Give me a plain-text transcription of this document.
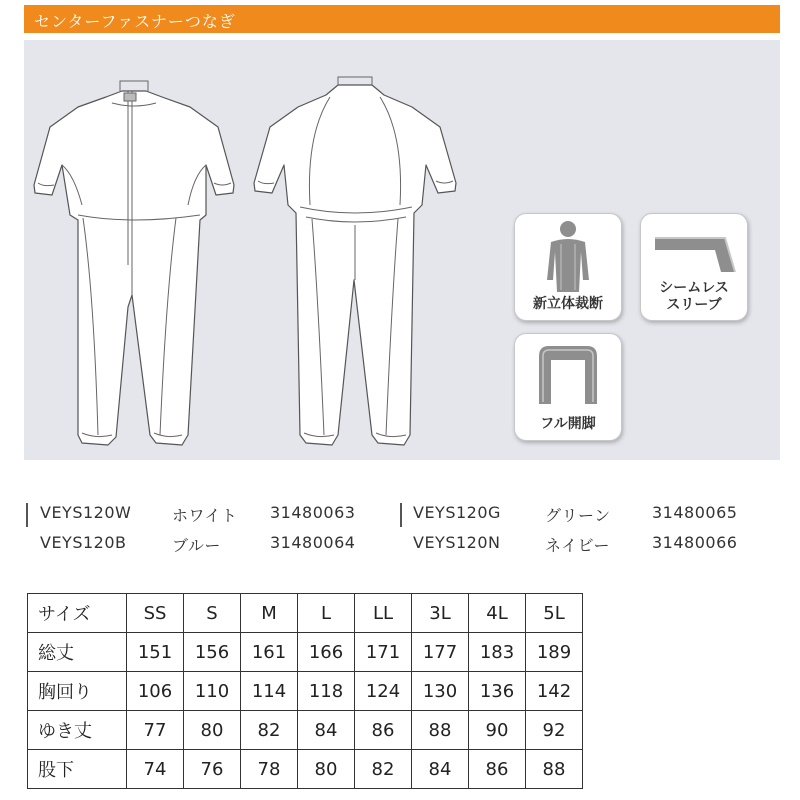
センターファスナーつなぎ
新立体裁断
シームレス
スリーブ
フル開脚
VEYS120W	ホワイト 31480063
VEYS120B	ブルー	31480064
VEYS120G	グリーン	31480065
VEYS120N	ネイビー	31480066
サイズ	SS	S	M	L	LL	3L	4L	5L
総丈	151	156	161	166	171	177	183	189
胸回り	106	110	114	118	124	130	136	142
ゆき丈	77	80	82	84	86	88	90	92
股下	74	76	78	80	82	84	86	88
